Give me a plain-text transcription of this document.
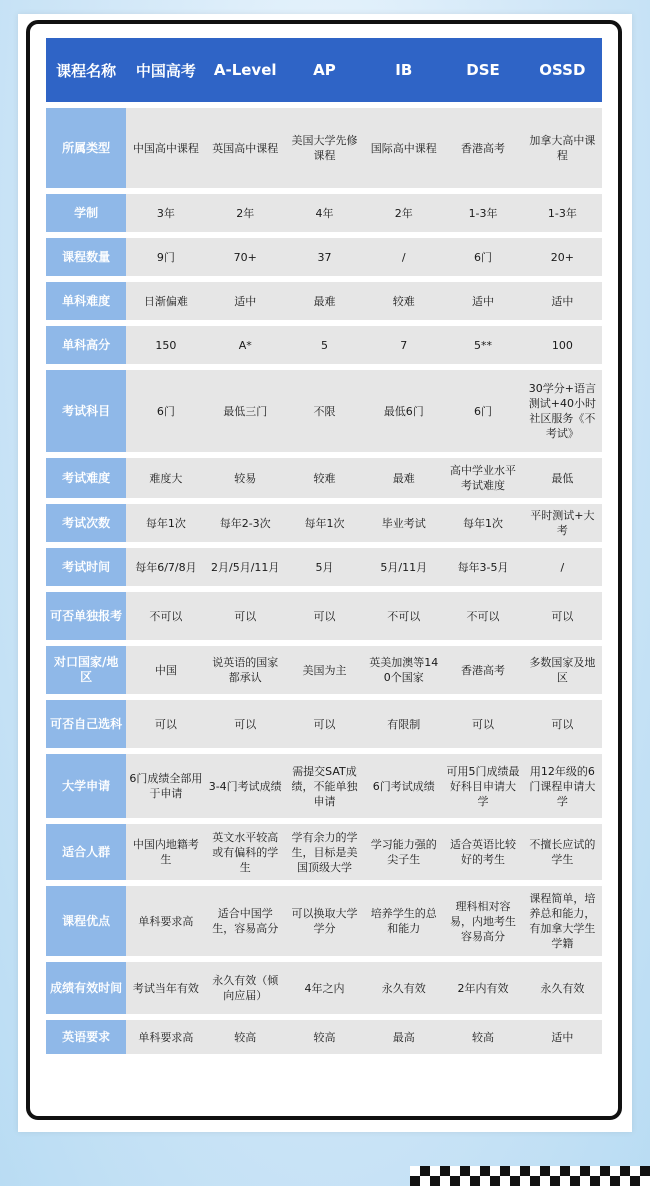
课程名称	中国高考	A-Level	AP	IB	DSE	OSSD
所属类型	中国高中课程	英国高中课程	美国大学先修课程	国际高中课程	香港高考	加拿大高中课程
学制	3年	2年	4年	2年	1-3年	1-3年
课程数量	9门	70+	37	/	6门	20+
单科难度	日渐偏难	适中	最难	较难	适中	适中
单科高分	150	A*	5	7	5**	100
考试科目	6门	最低三门	不限	最低6门	6门	30学分+语言测试+40小时社区服务《不考试》
考试难度	难度大	较易	较难	最难	高中学业水平考试难度	最低
考试次数	每年1次	每年2-3次	每年1次	毕业考试	每年1次	平时测试+大考
考试时间	每年6/7/8月	2月/5月/11月	5月	5月/11月	每年3-5月	/
可否单独报考	不可以	可以	可以	不可以	不可以	可以
对口国家/地区	中国	说英语的国家都承认	美国为主	英美加澳等140个国家	香港高考	多数国家及地区
可否自己选科	可以	可以	可以	有限制	可以	可以
大学申请	6门成绩全部用于申请	3-4门考试成绩	需提交SAT成绩，不能单独申请	6门考试成绩	可用5门成绩最好科目申请大学	用12年级的6门课程申请大学
适合人群	中国内地籍考生	英文水平较高或有偏科的学生	学有余力的学生，目标是美国顶级大学	学习能力强的尖子生	适合英语比较好的考生	不擅长应试的学生
课程优点	单科要求高	适合中国学生，容易高分	可以换取大学学分	培养学生的总和能力	理科相对容易，内地考生容易高分	课程简单，培养总和能力，有加拿大学生学籍
成绩有效时间	考试当年有效	永久有效（倾向应届）	4年之内	永久有效	2年内有效	永久有效
英语要求	单科要求高	较高	较高	最高	较高	适中
